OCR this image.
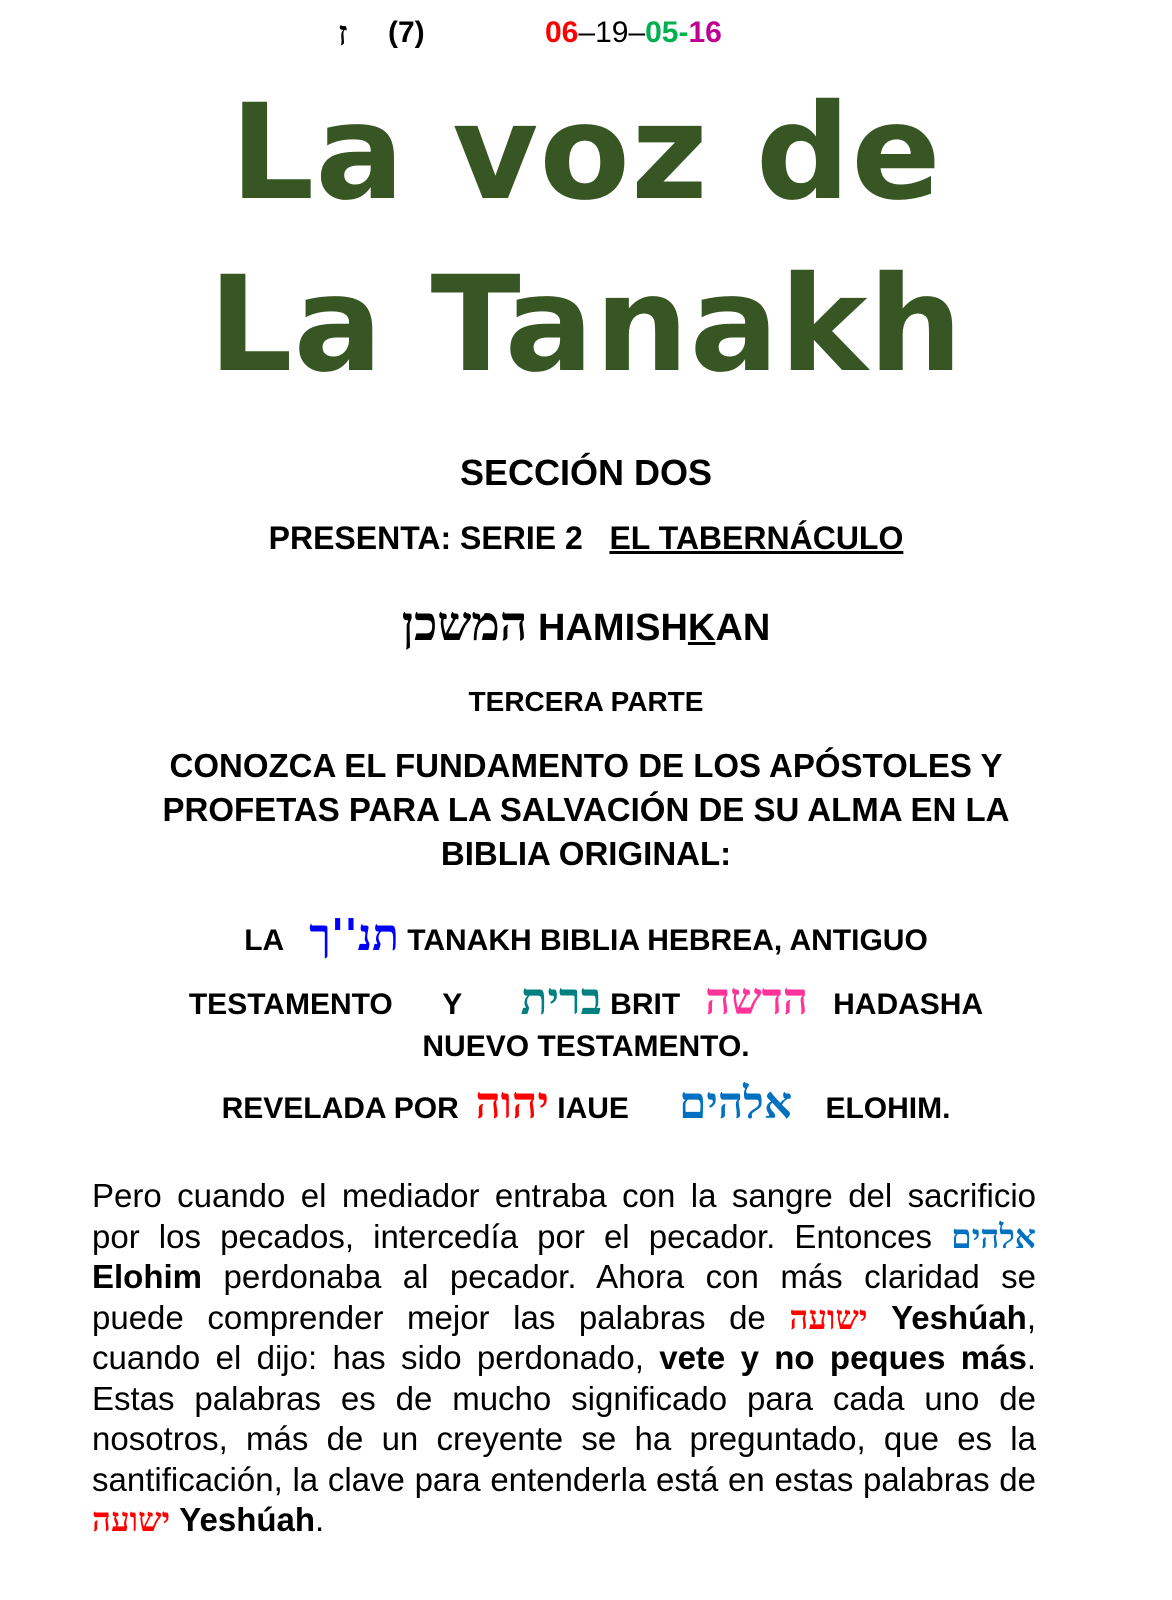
ז (7)	06–19–05-16
La voz de
La Tanakh
SECCIÓN DOS
PRESENTA: SERIE 2 EL TABERNÁCULO
המשכן HAMISHKAN
TERCERA PARTE
CONOZCA EL FUNDAMENTO DE LOS APÓSTOLES Y
PROFETAS PARA LA SALVACIÓN DE SU ALMA EN LA
BIBLIA ORIGINAL:
LA תנ''ך TANAKH BIBLIA HEBREA, ANTIGUO
TESTAMENTO Y ברית BRIT הדשה HADASHA
NUEVO TESTAMENTO.
REVELADA POR יהוה IAUE אלהים ELOHIM.
Pero cuando el mediador entraba con la sangre del sacrificio por los pecados, intercedía por el pecador. Entonces אלהים Elohim perdonaba al pecador. Ahora con más claridad se puede comprender mejor las palabras de ישועה Yeshúah, cuando el dijo: has sido perdonado, vete y no peques más. Estas palabras es de mucho significado para cada uno de nosotros, más de un creyente se ha preguntado, que es la santificación, la clave para entenderla está en estas palabras de ישועה Yeshúah.
